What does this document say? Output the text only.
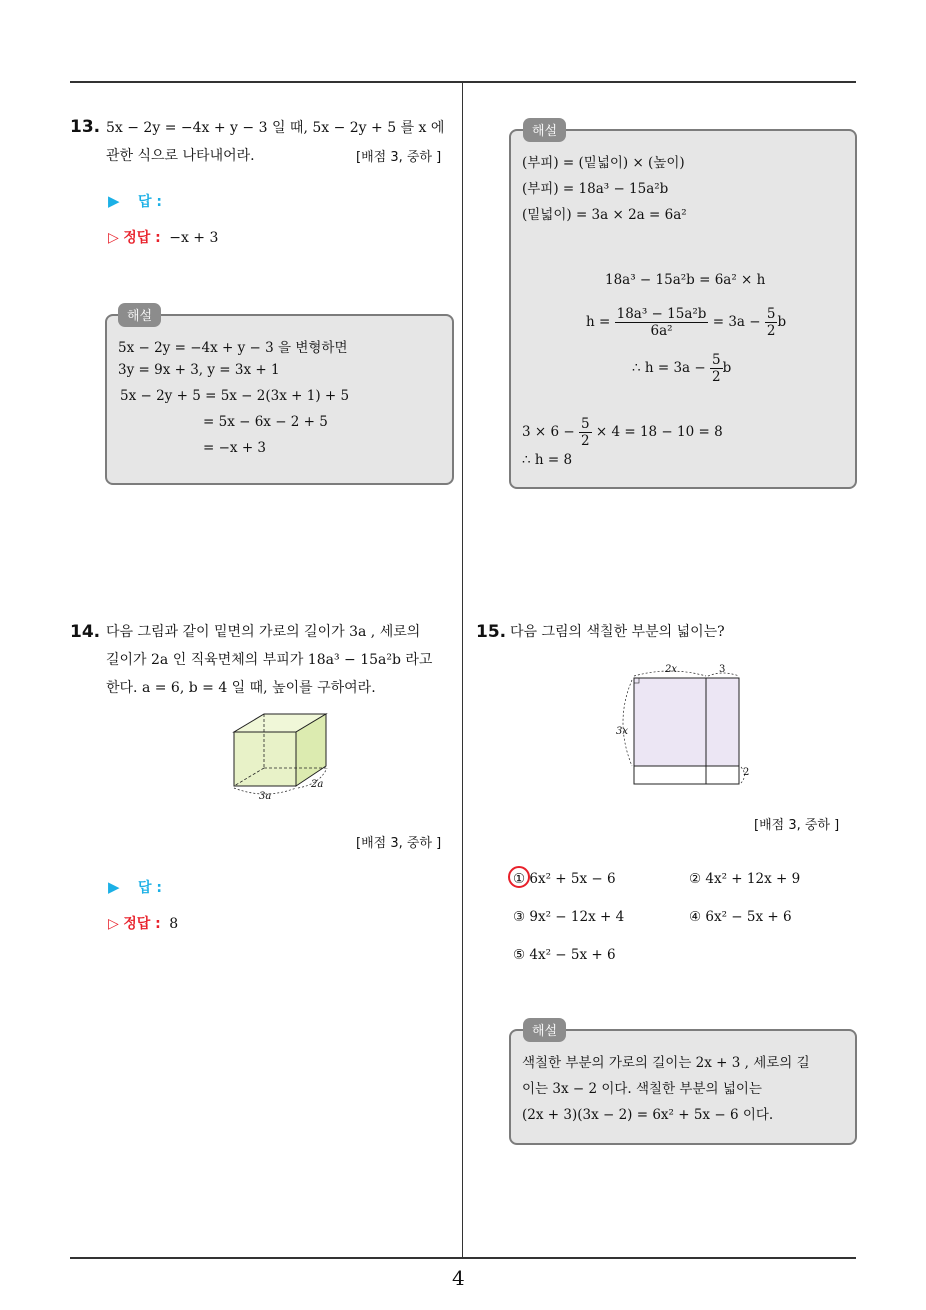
4
13. 5x − 2y = −4x + y − 3 일 때, 5x − 2y + 5 를 x 에
관한 식으로 나타내어라.	[배점 3, 중하 ]
▶ 답 :
▷ 정답 : −x + 3
해설
5x − 2y = −4x + y − 3 을 변형하면
3y = 9x + 3, y = 3x + 1
5x − 2y + 5 = 5x − 2(3x + 1) + 5
= 5x − 6x − 2 + 5
= −x + 3
해설
(부피) = (밑넓이) × (높이)
(부피) = 18a³ − 15a²b
(밑넓이) = 3a × 2a = 6a²
18a³ − 15a²b = 6a² × h
$h = \frac{\text{18a³ − 15a²b}}{\text{6a²}} = 3a - \frac{5}{2}$ b
∴ $h = 3a - \frac{5}{2}$ b
$3 \times 6 - \frac{5}{2} \times 4 = 18 - 10 = 8$
∴ h = 8
14. 다음 그림과 같이 밑면의 가로의 길이가 3a , 세로의
길이가 2a 인 직육면체의 부피가 18a³ − 15a²b 라고
한다. a = 6, b = 4 일 때, 높이를 구하여라.
3a
2a
[배점 3, 중하 ]
▶ 답 :
▷ 정답 : 8
15. 다음 그림의 색칠한 부분의 넓이는?
2x	3
3x
2
[배점 3, 중하 ]
① 6x² + 5x − 6	② 4x² + 12x + 9
③ 9x² − 12x + 4	④ 6x² − 5x + 6
⑤ 4x² − 5x + 6
해설
색칠한 부분의 가로의 길이는 2x + 3 , 세로의 길
이는 3x − 2 이다. 색칠한 부분의 넓이는
(2x + 3)(3x − 2) = 6x² + 5x − 6 이다.
